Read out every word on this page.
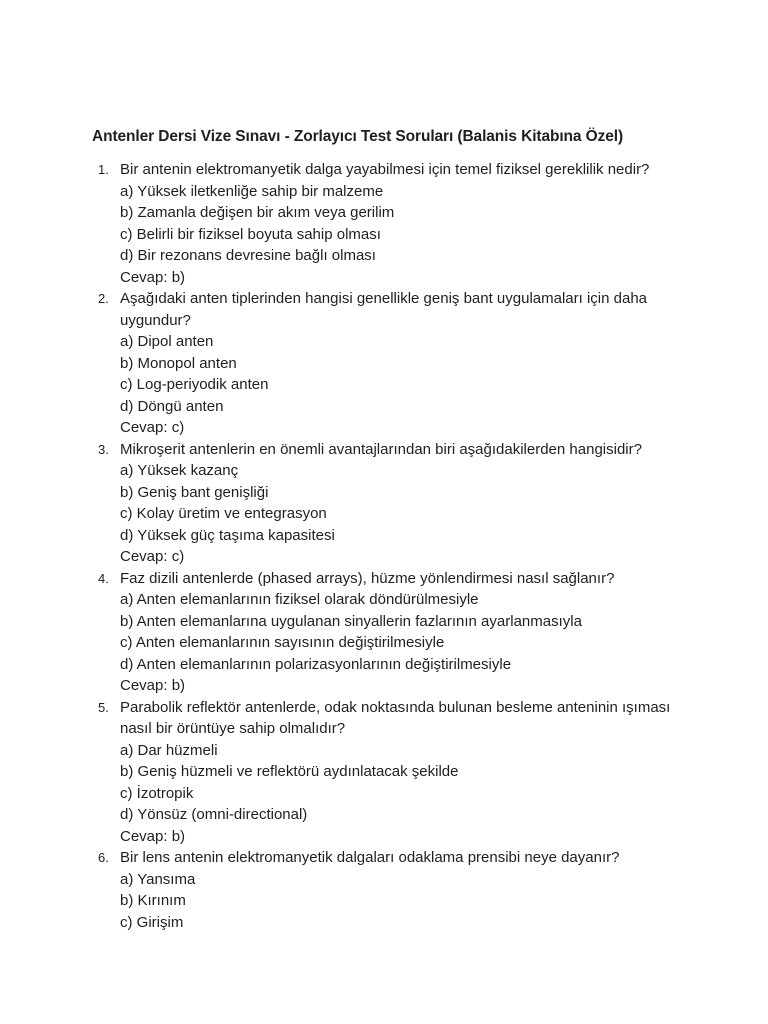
Antenler Dersi Vize Sınavı - Zorlayıcı Test Soruları (Balanis Kitabına Özel)
1. Bir antenin elektromanyetik dalga yayabilmesi için temel fiziksel gereklilik nedir?
a) Yüksek iletkenliğe sahip bir malzeme
b) Zamanla değişen bir akım veya gerilim
c) Belirli bir fiziksel boyuta sahip olması
d) Bir rezonans devresine bağlı olması
Cevap: b)
2. Aşağıdaki anten tiplerinden hangisi genellikle geniş bant uygulamaları için daha uygundur?
a) Dipol anten
b) Monopol anten
c) Log-periyodik anten
d) Döngü anten
Cevap: c)
3. Mikroşerit antenlerin en önemli avantajlarından biri aşağıdakilerden hangisidir?
a) Yüksek kazanç
b) Geniş bant genişliği
c) Kolay üretim ve entegrasyon
d) Yüksek güç taşıma kapasitesi
Cevap: c)
4. Faz dizili antenlerde (phased arrays), hüzme yönlendirmesi nasıl sağlanır?
a) Anten elemanlarının fiziksel olarak döndürülmesiyle
b) Anten elemanlarına uygulanan sinyallerin fazlarının ayarlanmasıyla
c) Anten elemanlarının sayısının değiştirilmesiyle
d) Anten elemanlarının polarizasyonlarının değiştirilmesiyle
Cevap: b)
5. Parabolik reflektör antenlerde, odak noktasında bulunan besleme anteninin ışıması nasıl bir örüntüye sahip olmalıdır?
a) Dar hüzmeli
b) Geniş hüzmeli ve reflektörü aydınlatacak şekilde
c) İzotropik
d) Yönsüz (omni-directional)
Cevap: b)
6. Bir lens antenin elektromanyetik dalgaları odaklama prensibi neye dayanır?
a) Yansıma
b) Kırınım
c) Girişim
